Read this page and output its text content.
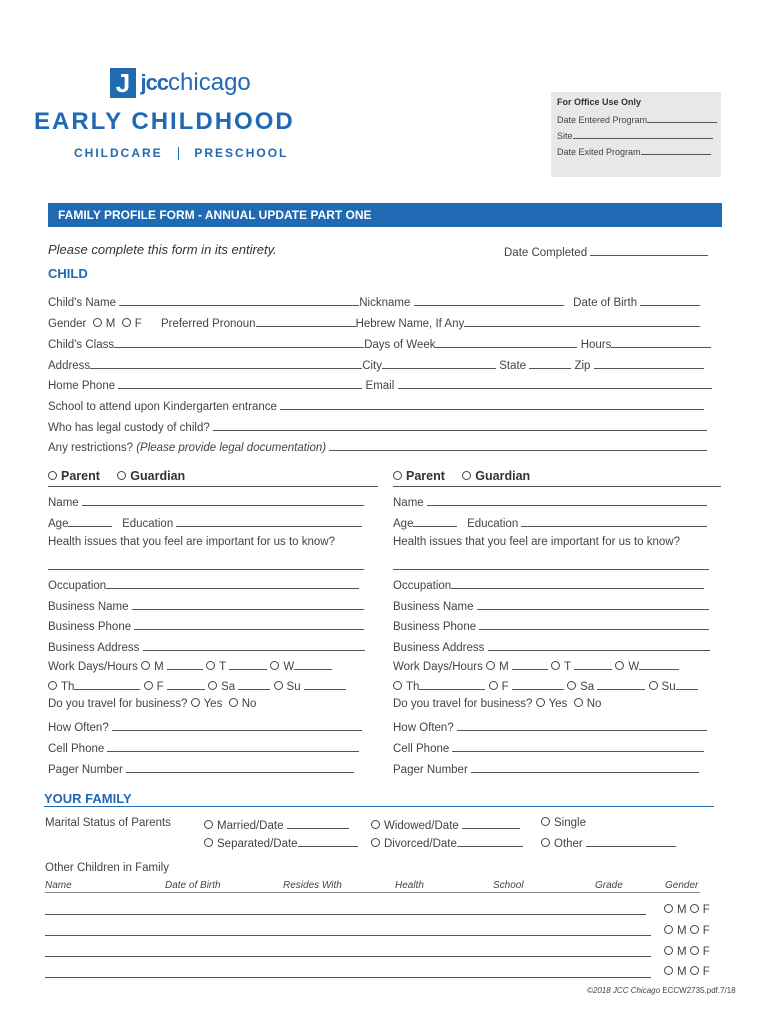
J jccchicago
EARLY CHILDHOOD
CHILDCARE	PRESCHOOL
For Office Use Only
Date Entered Program
Site
Date Exited Program
FAMILY PROFILE FORM - ANNUAL UPDATE PART ONE
Please complete this form in its entirety.	Date Completed
CHILD
Child's Name	Nickname	Date of Birth
Gender M F Preferred Pronoun	Hebrew Name, If Any
Child's Class	Days of Week	Hours
Address	City	State	Zip
Home Phone	Email
School to attend upon Kindergarten entrance
Who has legal custody of child?
Any restrictions? (Please provide legal documentation)
Parent Guardian
Name
Age	Education
Health issues that you feel are important for us to know?
Occupation
Business Name
Business Phone
Business Address
Work Days/Hours M	T	W
Th	F	Sa	Su
Do you travel for business? Yes No
How Often?
Cell Phone
Pager Number
Parent Guardian
Name
Age	Education
Health issues that you feel are important for us to know?
Occupation
Business Name
Business Phone
Business Address
Work Days/Hours M	T	W
Th	F	Sa	Su
Do you travel for business? Yes No
How Often?
Cell Phone
Pager Number
YOUR FAMILY
Marital Status of Parents	Married/Date	Widowed/Date	Single
Separated/Date	Divorced/Date	Other
Other Children in Family
Name	Date of Birth	Resides With	Health	School	Grade	Gender
M F
M F
M F
M F
©2018 JCC Chicago ECCW2735.pdf.7/18
